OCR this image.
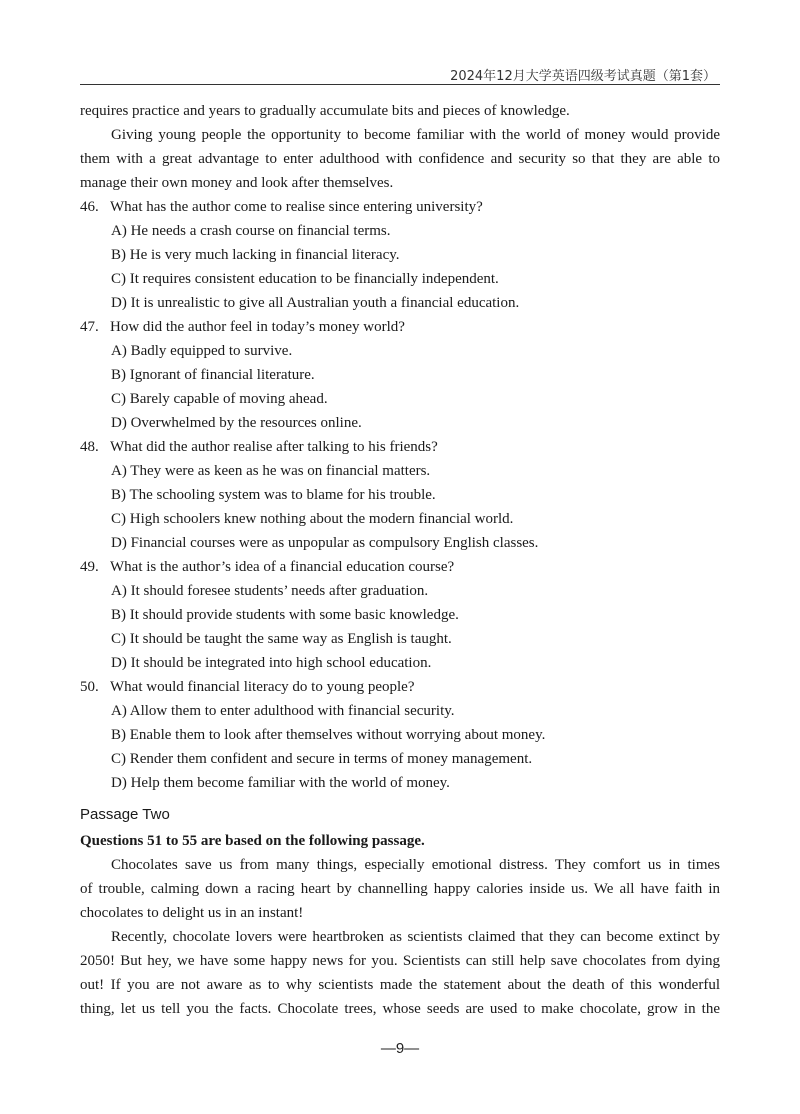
2024年12月大学英语四级考试真题（第1套）
requires practice and years to gradually accumulate bits and pieces of knowledge.
Giving young people the opportunity to become familiar with the world of money would provide
them with a great advantage to enter adulthood with confidence and security so that they are able to
manage their own money and look after themselves.
46. What has the author come to realise since entering university?
A) He needs a crash course on financial terms.
B) He is very much lacking in financial literacy.
C) It requires consistent education to be financially independent.
D) It is unrealistic to give all Australian youth a financial education.
47. How did the author feel in today’s money world?
A) Badly equipped to survive.
B) Ignorant of financial literature.
C) Barely capable of moving ahead.
D) Overwhelmed by the resources online.
48. What did the author realise after talking to his friends?
A) They were as keen as he was on financial matters.
B) The schooling system was to blame for his trouble.
C) High schoolers knew nothing about the modern financial world.
D) Financial courses were as unpopular as compulsory English classes.
49. What is the author’s idea of a financial education course?
A) It should foresee students’ needs after graduation.
B) It should provide students with some basic knowledge.
C) It should be taught the same way as English is taught.
D) It should be integrated into high school education.
50. What would financial literacy do to young people?
A) Allow them to enter adulthood with financial security.
B) Enable them to look after themselves without worrying about money.
C) Render them confident and secure in terms of money management.
D) Help them become familiar with the world of money.
Passage Two
Questions 51 to 55 are based on the following passage.
Chocolates save us from many things, especially emotional distress. They comfort us in times
of trouble, calming down a racing heart by channelling happy calories inside us. We all have faith in
chocolates to delight us in an instant!
Recently, chocolate lovers were heartbroken as scientists claimed that they can become extinct by
2050! But hey, we have some happy news for you. Scientists can still help save chocolates from dying
out! If you are not aware as to why scientists made the statement about the death of this wonderful
thing, let us tell you the facts. Chocolate trees, whose seeds are used to make chocolate, grow in the
—9—
